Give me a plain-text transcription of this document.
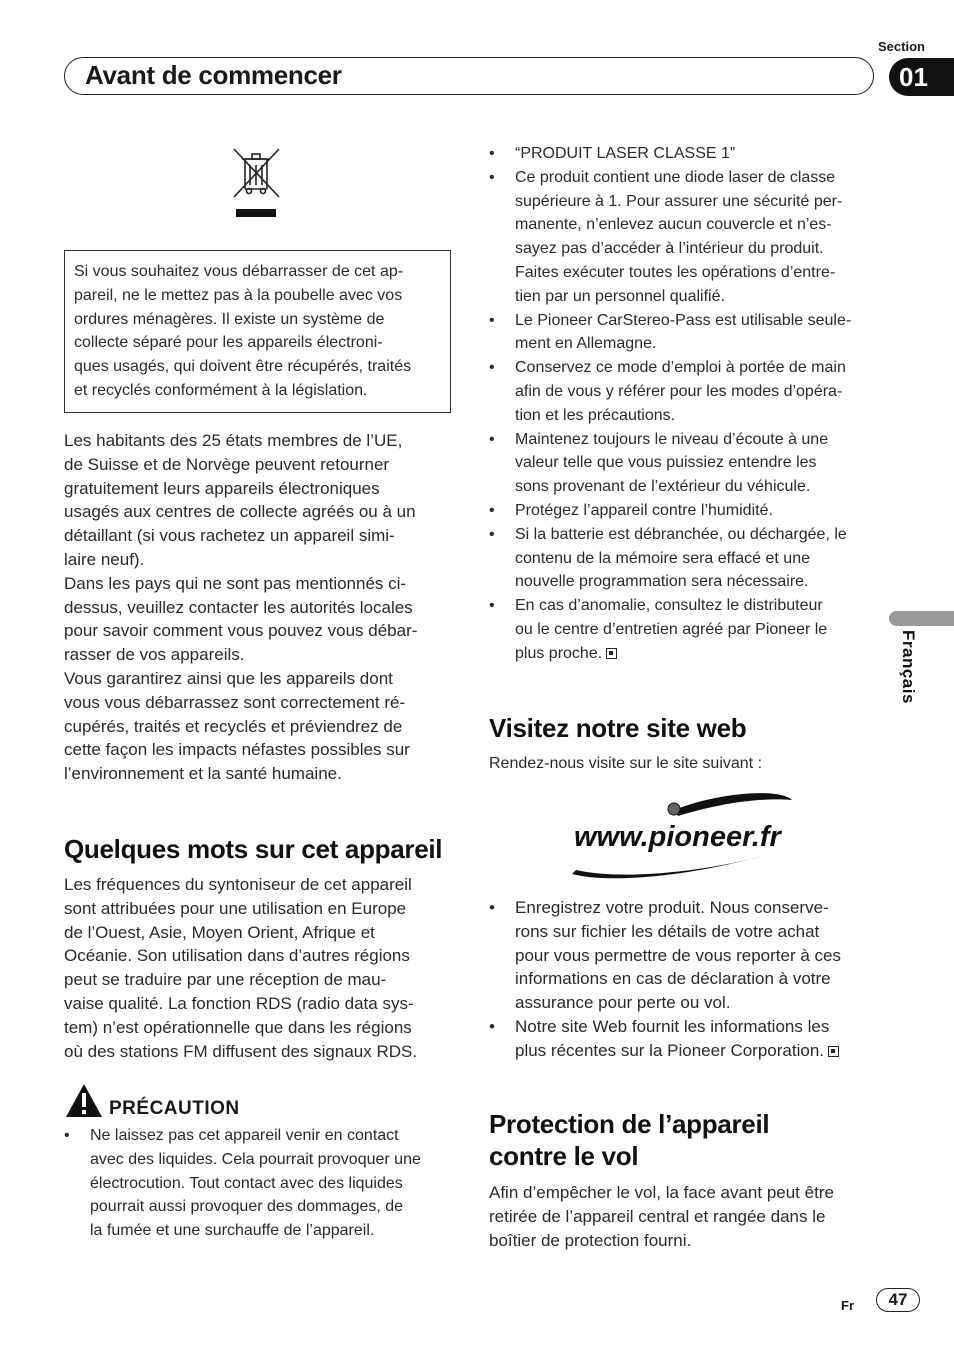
Section
Avant de commencer	01
Français
Si vous souhaitez vous débarrasser de cet ap-
pareil, ne le mettez pas à la poubelle avec vos
ordures ménagères. Il existe un système de
collecte séparé pour les appareils électroni-
ques usagés, qui doivent être récupérés, traités
et recyclés conformément à la législation.
Les habitants des 25 états membres de l’UE,
de Suisse et de Norvège peuvent retourner
gratuitement leurs appareils électroniques
usagés aux centres de collecte agréés ou à un
détaillant (si vous rachetez un appareil simi-
laire neuf).
Dans les pays qui ne sont pas mentionnés ci-
dessus, veuillez contacter les autorités locales
pour savoir comment vous pouvez vous débar-
rasser de vos appareils.
Vous garantirez ainsi que les appareils dont
vous vous débarrassez sont correctement ré-
cupérés, traités et recyclés et préviendrez de
cette façon les impacts néfastes possibles sur
l’environnement et la santé humaine.
Quelques mots sur cet appareil
Les fréquences du syntoniseur de cet appareil
sont attribuées pour une utilisation en Europe
de l’Ouest, Asie, Moyen Orient, Afrique et
Océanie. Son utilisation dans d’autres régions
peut se traduire par une réception de mau-
vaise qualité. La fonction RDS (radio data sys-
tem) n’est opérationnelle que dans les régions
où des stations FM diffusent des signaux RDS.
PRÉCAUTION
• Ne laissez pas cet appareil venir en contact
avec des liquides. Cela pourrait provoquer une
électrocution. Tout contact avec des liquides
pourrait aussi provoquer des dommages, de
la fumée et une surchauffe de l’appareil.
• “PRODUIT LASER CLASSE 1”
• Ce produit contient une diode laser de classe
supérieure à 1. Pour assurer une sécurité per-
manente, n’enlevez aucun couvercle et n’es-
sayez pas d’accéder à l’intérieur du produit.
Faites exécuter toutes les opérations d’entre-
tien par un personnel qualifié.
• Le Pioneer CarStereo-Pass est utilisable seule-
ment en Allemagne.
• Conservez ce mode d’emploi à portée de main
afin de vous y référer pour les modes d’opéra-
tion et les précautions.
• Maintenez toujours le niveau d’écoute à une
valeur telle que vous puissiez entendre les
sons provenant de l’extérieur du véhicule.
• Protégez l’appareil contre l’humidité.
• Si la batterie est débranchée, ou déchargée, le
contenu de la mémoire sera effacé et une
nouvelle programmation sera nécessaire.
• En cas d’anomalie, consultez le distributeur
ou le centre d’entretien agréé par Pioneer le
plus proche.
Visitez notre site web
Rendez-nous visite sur le site suivant :
www.pioneer.fr
• Enregistrez votre produit. Nous conserve-
rons sur fichier les détails de votre achat
pour vous permettre de vous reporter à ces
informations en cas de déclaration à votre
assurance pour perte ou vol.
• Notre site Web fournit les informations les
plus récentes sur la Pioneer Corporation.
Protection de l’appareil
contre le vol
Afin d’empêcher le vol, la face avant peut être
retirée de l’appareil central et rangée dans le
boîtier de protection fourni.
Fr	47
